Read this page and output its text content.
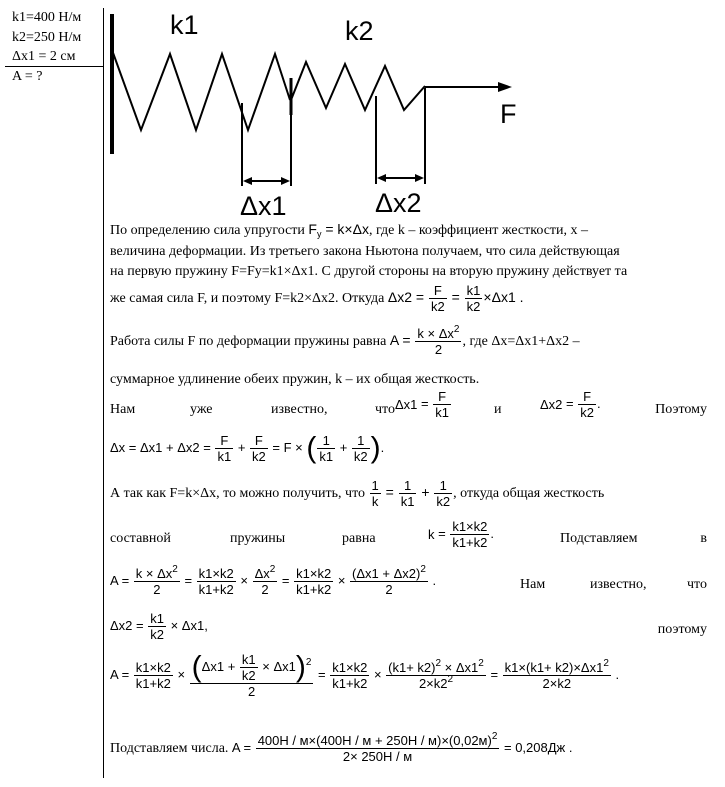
k1=400 Н/м
k2=250 Н/м
Δx1 = 2 см
A = ?
k1	k2
F
Δx1	Δx2
По определению сила упругости $F_у = k\times\Delta x$, где k – коэффициент жесткости, x –
величина деформации. Из третьего закона Ньютона получаем, что сила действующая
на первую пружину F=Fy=k1×Δx1. С другой стороны на вторую пружину действует та
же самая сила F, и поэтому F=k2×Δx2. Откуда $\Delta x2 = \frac{F}{k2} = \frac{k1}{k2} \times\Delta x1$ .
Работа силы F по деформации пружины равна $A = \frac{k \times \Delta x^2}{2}$ , где Δx=Δx1+Δx2 –
суммарное удлинение обеих пружин, k – их общая жесткость.
Нам	уже	известно,	что $\Delta x1 = \frac{F}{k1}$	и	$\Delta x2 = \frac{F}{k2}$ .	Поэтому
$\Delta x = \Delta x1 + \Delta x2 = \frac{F}{k1} + \frac{F}{k2} = F$ × ( $\frac{1}{k1} + \frac{1}{k2}$ ).
А так как F=k×Δx, то можно получить, что $\frac{1}{k} = \frac{1}{k1} + \frac{1}{k2}$ , откуда общая жесткость
составной	пружины	равна	$k = \frac{k1\times k2}{k1+k2}$ .	Подставляем	в
$A = \frac{k \times \Delta x^2}{2} = \frac{k1\times k2}{k1+k2} \times \frac{\Delta x^2}{2} = \frac{k1\times k2}{k1+k2} \times \frac{(\Delta x1 + \Delta x2)^2}{2}$ .	Нам	известно,	что
$\Delta x2 = \frac{k1}{k2} \times \Delta x1$,	поэтому
$A = \frac{k1\times k2}{k1+k2} \times \frac{(\Delta x1 + \frac{k1}{k2} \times \Delta x1)^2}{2} = \frac{k1\times k2}{k1+k2} \times \frac{(k1+ k2)^2 \times \Delta x1^2}{2\times k2^2} = \frac{k1\times(k1+ k2)\times\Delta x1^2}{2\times k2}$ .
Подставляем числа. $A = \frac{400Н / м\times(400Н / м + 250Н / м)\times(0,02м)^2}{2\times 250Н / м} = 0,208Дж$ .
